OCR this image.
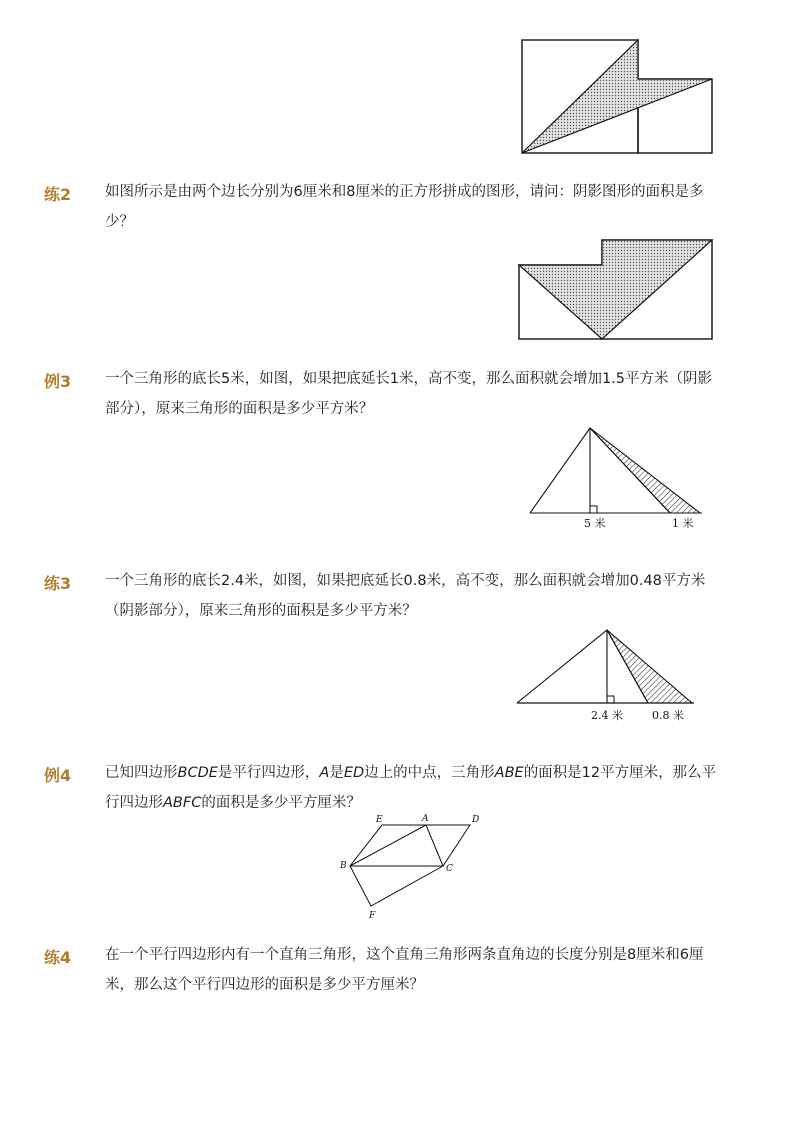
练2 如图所示是由两个边长分别为6厘米和8厘米的正方形拼成的图形，请问：阴影图形的面积是多少？
例3 一个三角形的底长5米，如图，如果把底延长1米，高不变，那么面积就会增加1.5平方米（阴影部分），原来三角形的面积是多少平方米？
5 米	1 米
练3 一个三角形的底长2.4米，如图，如果把底延长0.8米，高不变，那么面积就会增加0.48平方米（阴影部分），原来三角形的面积是多少平方米？
2.4 米	0.8 米
例4 已知四边形BCDE是平行四边形，A是ED边上的中点，三角形ABE的面积是12平方厘米，那么平行四边形ABFC的面积是多少平方厘米？
E	A	D
B	C
F
练4 在一个平行四边形内有一个直角三角形，这个直角三角形两条直角边的长度分别是8厘米和6厘米，那么这个平行四边形的面积是多少平方厘米？
